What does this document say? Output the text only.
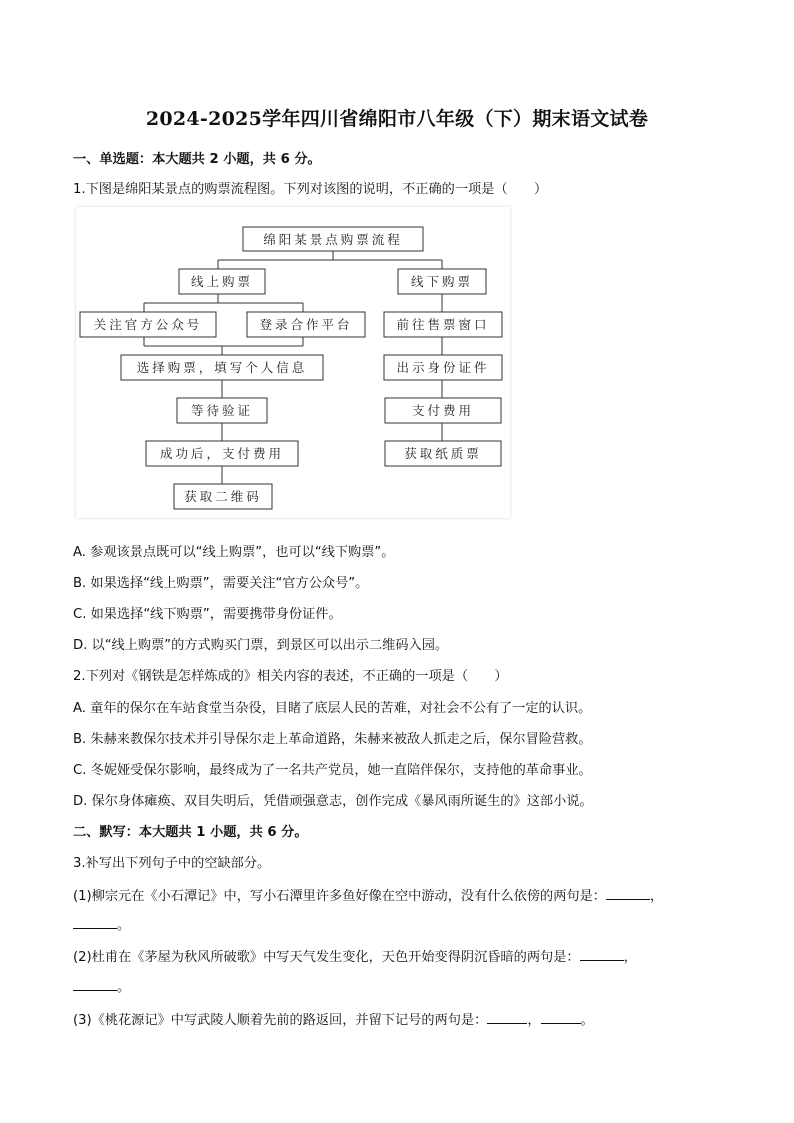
2024-2025学年四川省绵阳市八年级（下）期末语文试卷
一、单选题：本大题共 2 小题，共 6 分。
1.下图是绵阳某景点的购票流程图。下列对该图的说明，不正确的一项是（　　）
绵阳某景点购票流程
线上购票	线下购票
关注官方公众号	登录合作平台	前往售票窗口
选择购票，填写个人信息	出示身份证件
等待验证	支付费用
成功后，支付费用	获取纸质票
获取二维码
A. 参观该景点既可以“线上购票”，也可以“线下购票”。
B. 如果选择“线上购票”，需要关注“官方公众号”。
C. 如果选择“线下购票”，需要携带身份证件。
D. 以“线上购票”的方式购买门票，到景区可以出示二维码入园。
2.下列对《钢铁是怎样炼成的》相关内容的表述，不正确的一项是（　　）
A. 童年的保尔在车站食堂当杂役，目睹了底层人民的苦难，对社会不公有了一定的认识。
B. 朱赫来教保尔技术并引导保尔走上革命道路，朱赫来被敌人抓走之后，保尔冒险营救。
C. 冬妮娅受保尔影响，最终成为了一名共产党员，她一直陪伴保尔，支持他的革命事业。
D. 保尔身体瘫痪、双目失明后，凭借顽强意志，创作完成《暴风雨所诞生的》这部小说。
二、默写：本大题共 1 小题，共 6 分。
3.补写出下列句子中的空缺部分。
(1)柳宗元在《小石潭记》中，写小石潭里许多鱼好像在空中游动，没有什么依傍的两句是：	，
。
(2)杜甫在《茅屋为秋风所破歌》中写天气发生变化，天色开始变得阴沉昏暗的两句是：	，
。
(3)《桃花源记》中写武陵人顺着先前的路返回，并留下记号的两句是：	，	。
